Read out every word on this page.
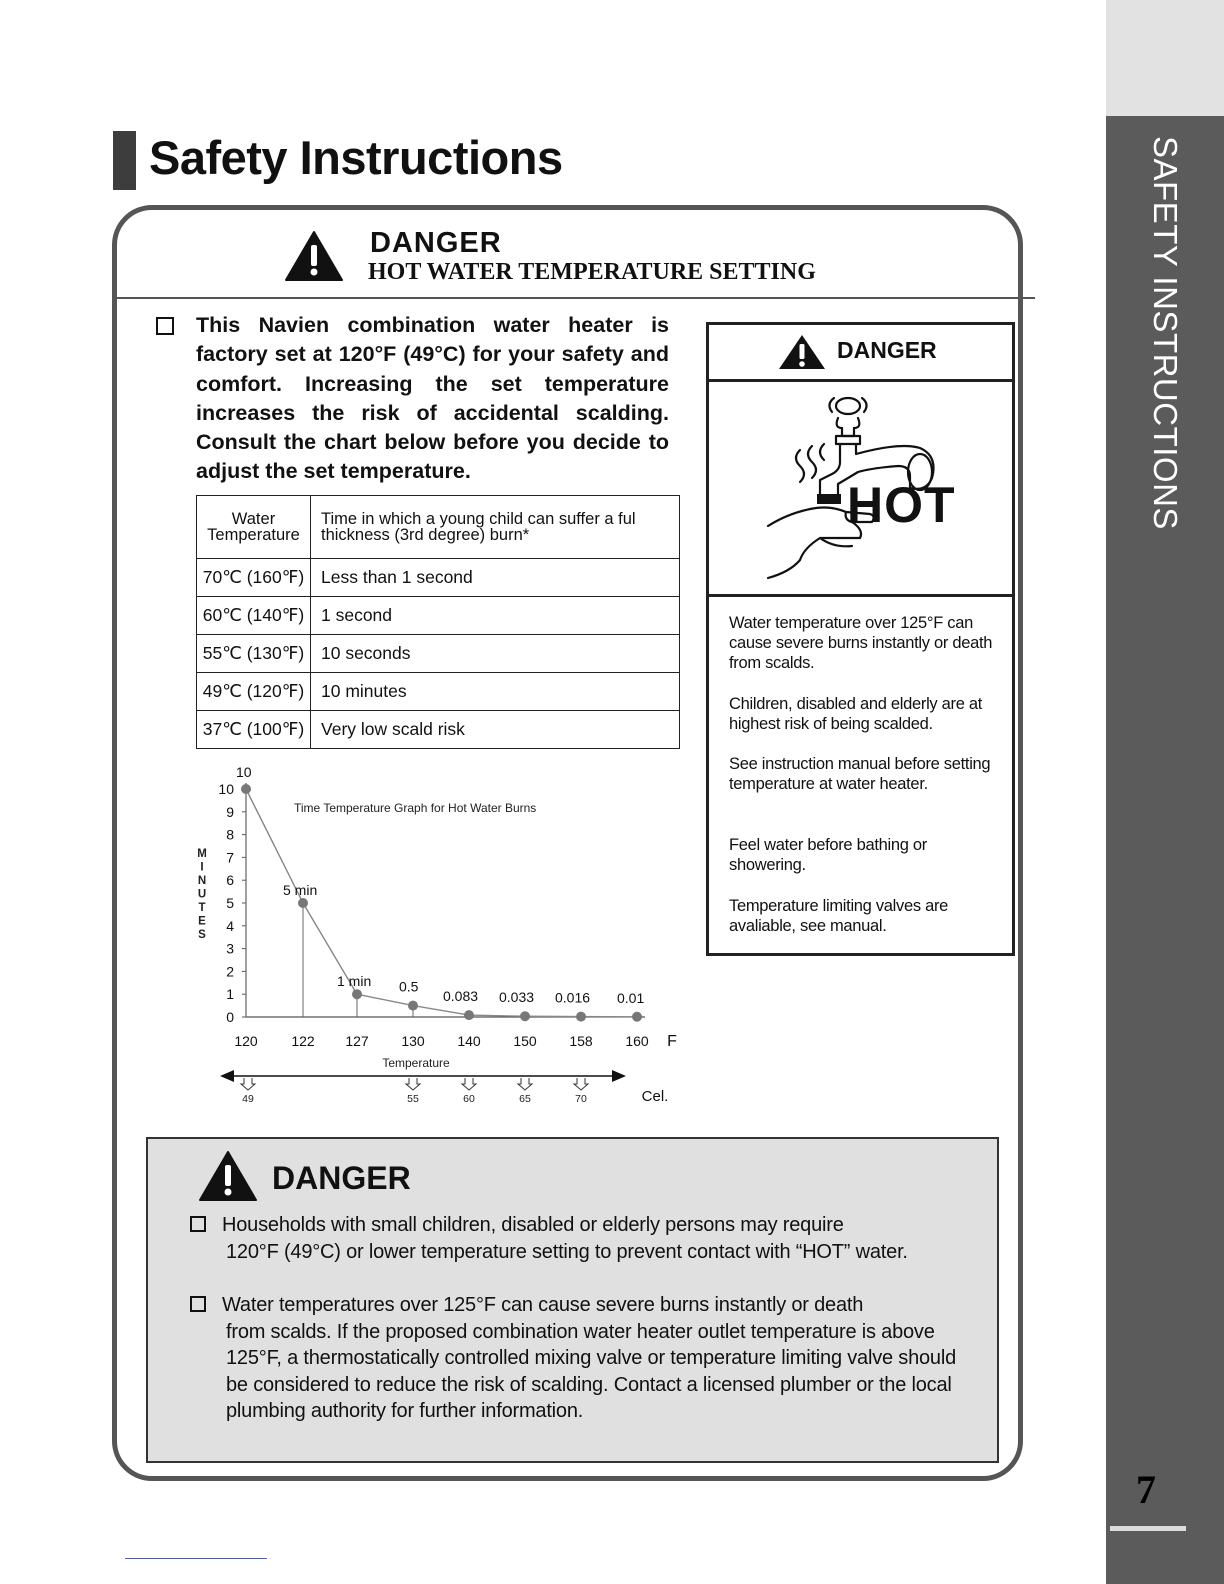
SAFETY INSTRUCTIONS
7
Safety Instructions
DANGER
HOT WATER TEMPERATURE SETTING
This Navien combination water heater is factory set at 120°F (49°C) for your safety and comfort. Increasing the set temperature increases the risk of accidental scalding. Consult the chart below before you decide to adjust the set temperature.
Water Temperature	Time in which a young child can suffer a ful thickness (3rd degree) burn*
70℃ (160℉)	Less than 1 second
60℃ (140℉)	1 second
55℃ (130℉)	10 seconds
49℃ (120℉)	10 minutes
37℃ (100℉)	Very low scald risk
0
1
2
3
4
5
6
7
8
9
10
M
I
N
U
T
E
S
Time Temperature Graph for Hot Water Burns
10
5 min
1 min 0.5
0.083 0.033 0.016 0.01
120 122 127 130 140 150 158 160 F
Temperature
49	55	60	65	70	Cel.
DANGER
HOT
Water temperature over 125°F can cause severe burns instantly or death from scalds.
Children, disabled and elderly are at highest risk of being scalded.
See instruction manual before setting temperature at water heater.
Feel water before bathing or showering.
Temperature limiting valves are avaliable, see manual.
DANGER
Households with small children, disabled or elderly persons may require
120°F (49°C) or lower temperature setting to prevent contact with “HOT” water.
Water temperatures over 125°F can cause severe burns instantly or death
from scalds. If the proposed combination water heater outlet temperature is above 125°F, a thermostatically controlled mixing valve or temperature limiting valve should be considered to reduce the risk of scalding. Contact a licensed plumber or the local plumbing authority for further information.
